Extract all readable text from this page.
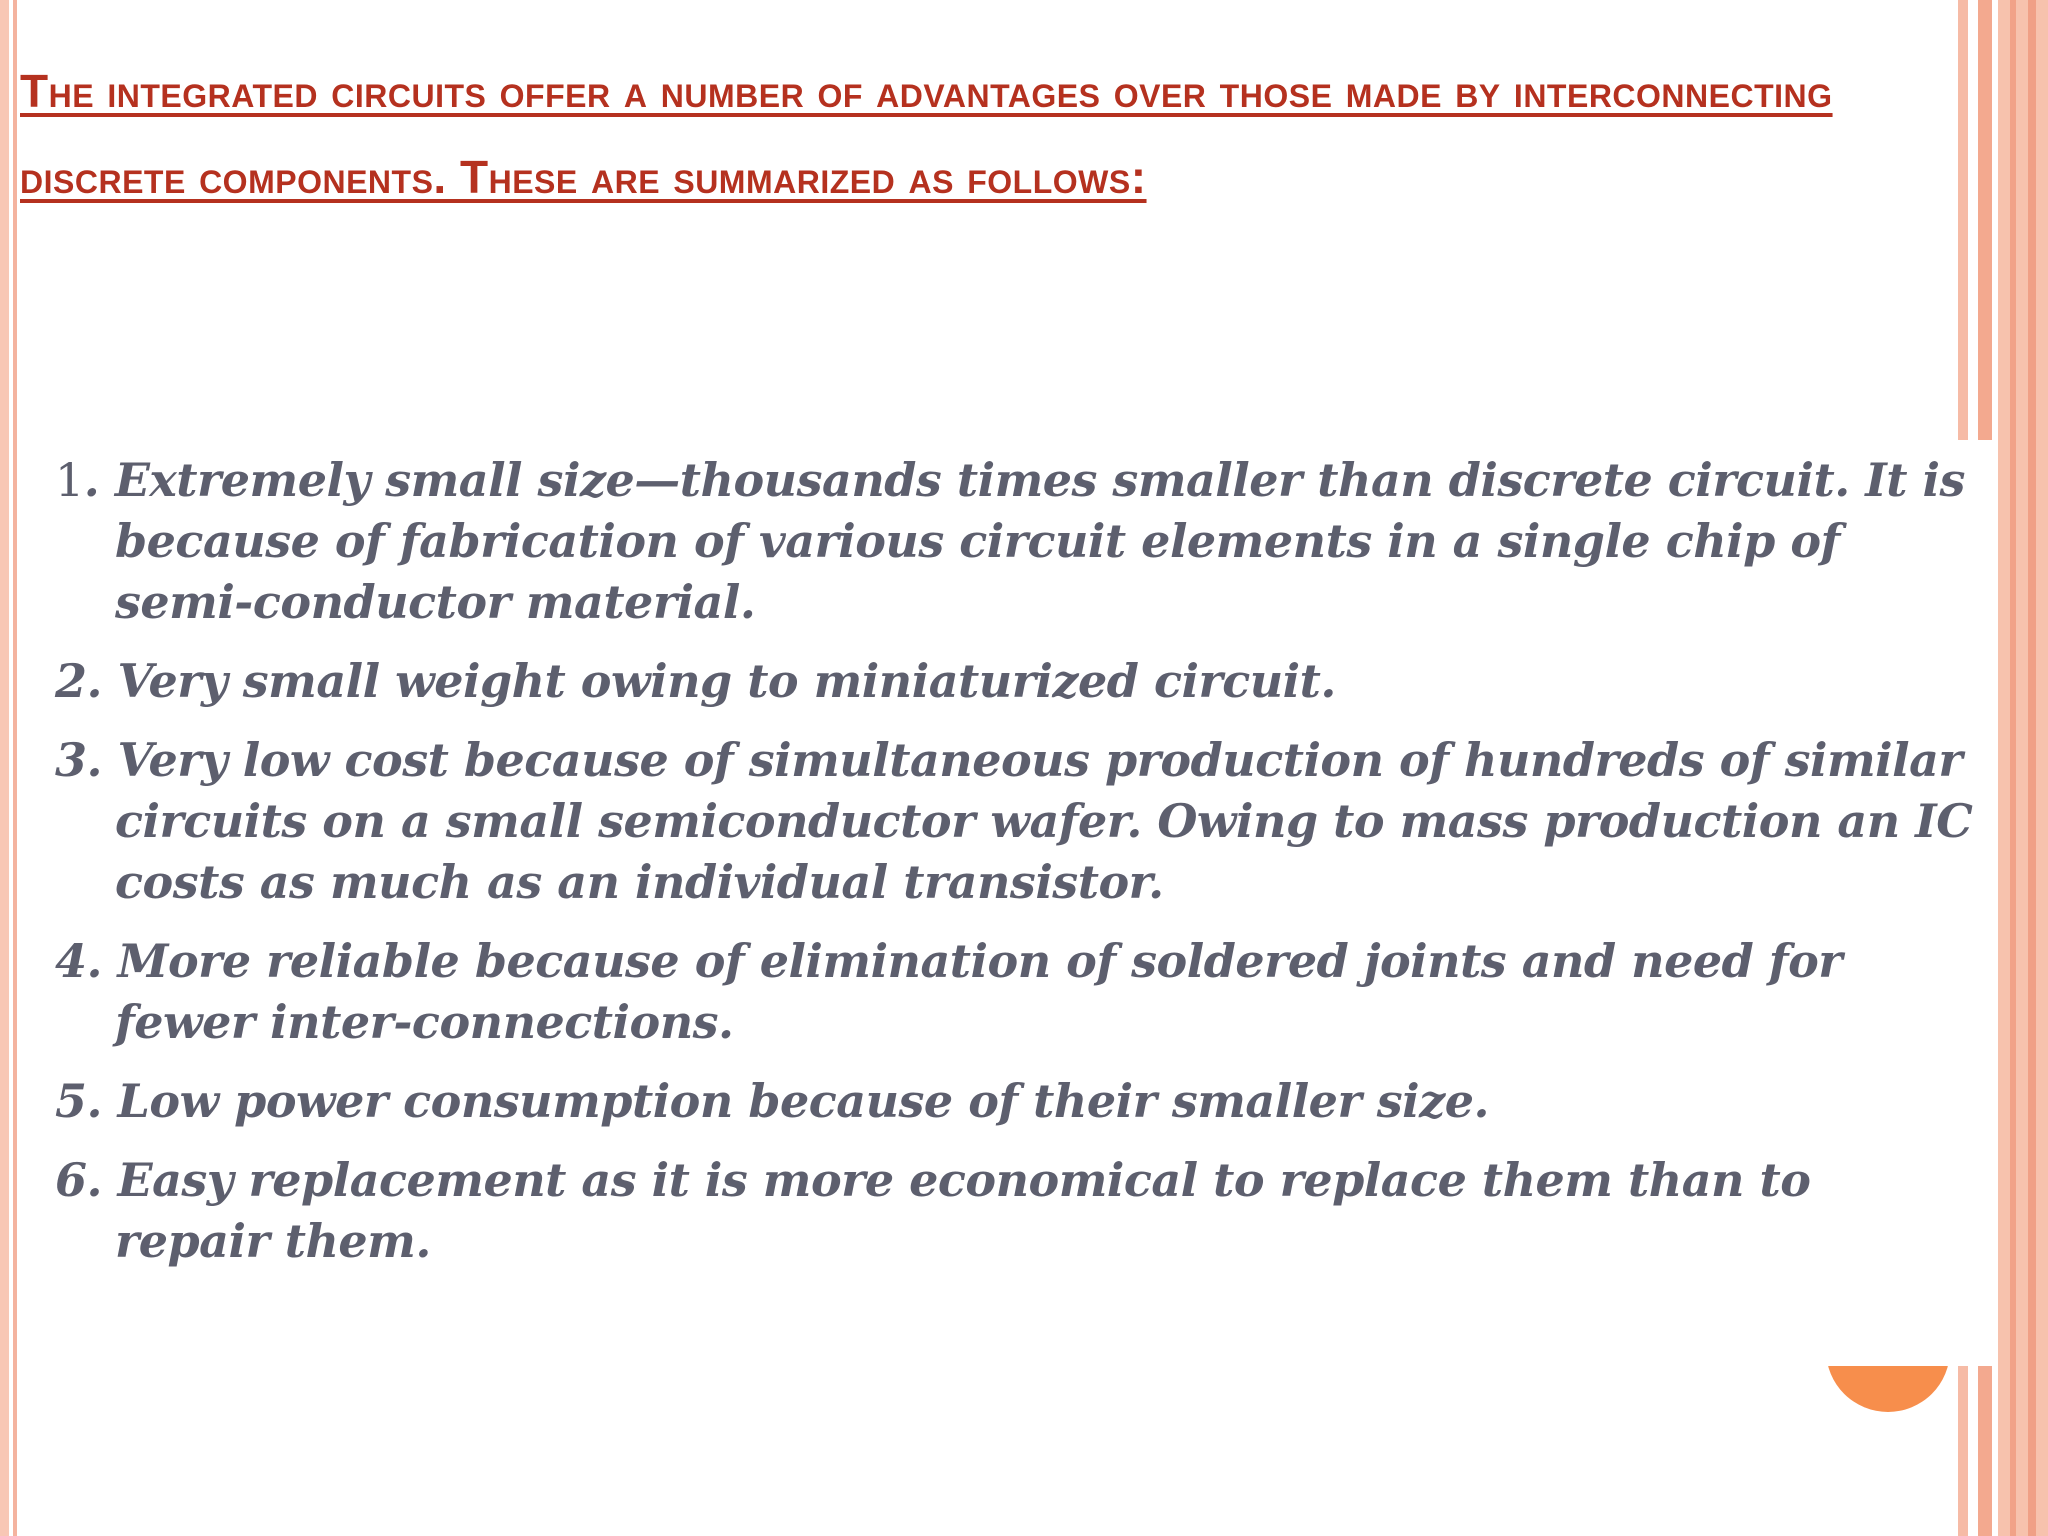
The integrated circuits offer a number of advantages over those made by interconnecting discrete components. These are summarized as follows:
1. Extremely small size—thousands times smaller than discrete circuit. It is because of fabrication of various circuit elements in a single chip of semi-conductor material.
2. Very small weight owing to miniaturized circuit.
3. Very low cost because of simultaneous production of hundreds of similar circuits on a small semiconductor wafer. Owing to mass production an IC costs as much as an individual transistor.
4. More reliable because of elimination of soldered joints and need for fewer inter-connections.
5. Low power consumption because of their smaller size.
6. Easy replacement as it is more economical to replace them than to repair them.
